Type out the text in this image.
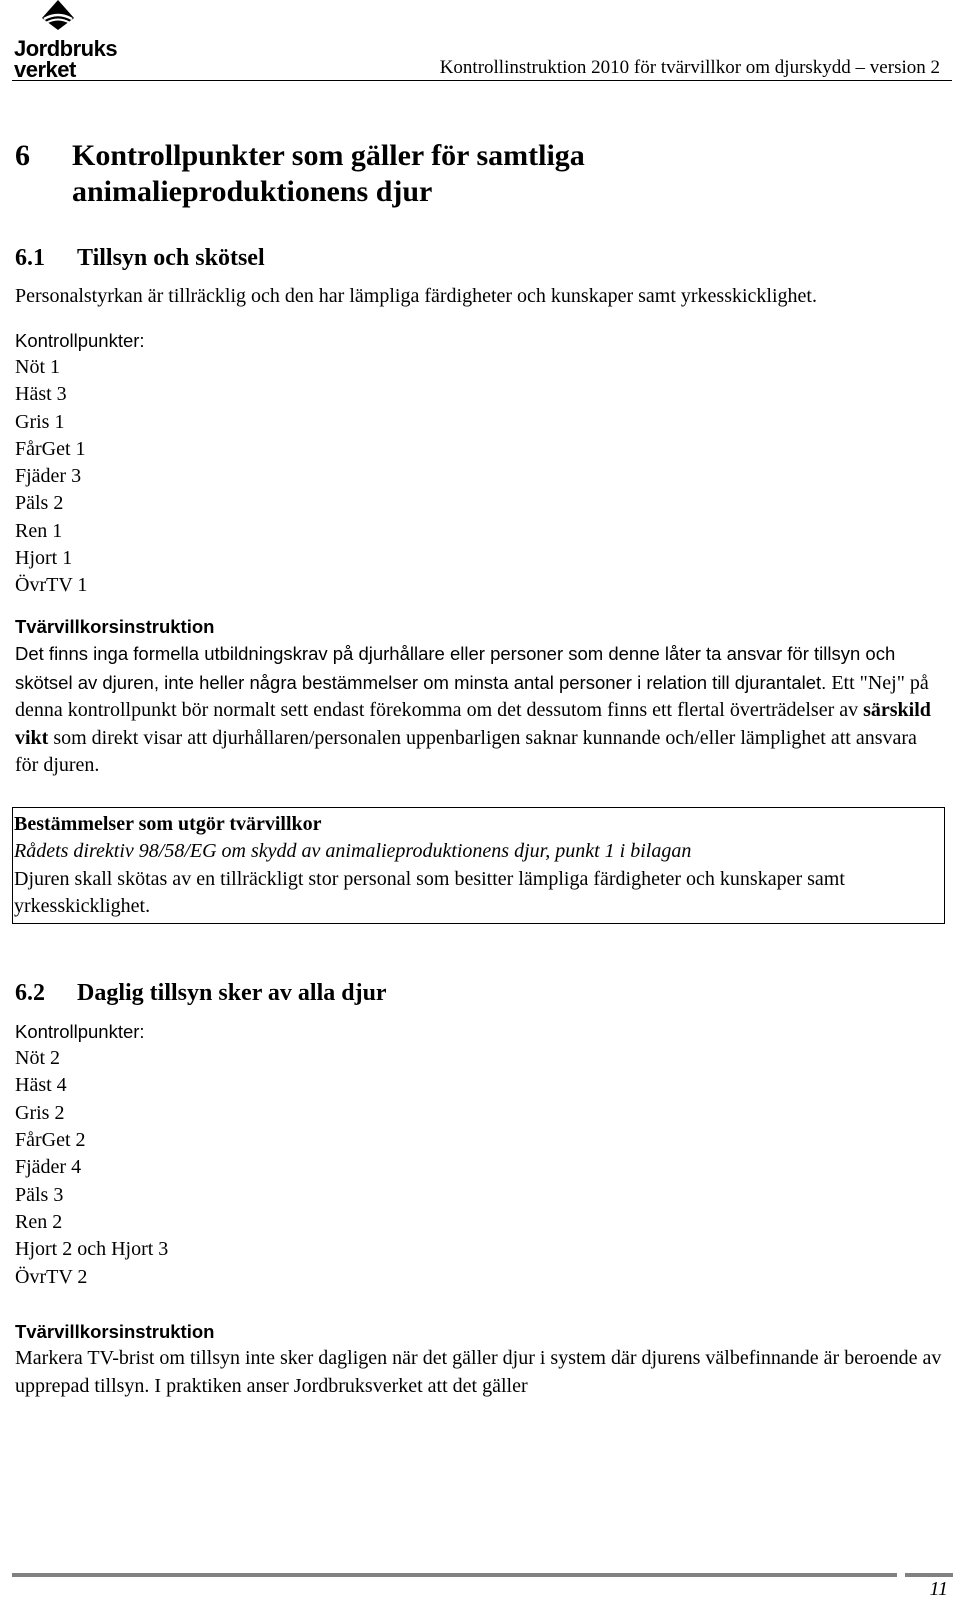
Jordbruks
verket	Kontrollinstruktion 2010 för tvärvillkor om djurskydd – version 2
6	Kontrollpunkter som gäller för samtliga
animalieproduktionens djur
6.1	Tillsyn och skötsel

Personalstyrkan är tillräcklig och den har lämpliga färdigheter och kunskaper samt yrkesskicklighet.

Kontrollpunkter:
Nöt 1
Häst 3
Gris 1
FårGet 1
Fjäder 3
Päls 2
Ren 1
Hjort 1
ÖvrTV 1
Tvärvillkorsinstruktion

Det finns inga formella utbildningskrav på djurhållare eller personer som denne låter ta ansvar för tillsyn och skötsel av djuren, inte heller några bestämmelser om minsta antal personer i relation till djurantalet. Ett "Nej" på denna kontrollpunkt bör normalt sett endast förekomma om det dessutom finns ett flertal överträdelser av särskild vikt som direkt visar att djurhållaren/personalen uppenbarligen saknar kunnande och/eller lämplighet att ansvara för djuren.

Bestämmelser som utgör tvärvillkor
Rådets direktiv 98/58/EG om skydd av animalieproduktionens djur, punkt 1 i bilagan
Djuren skall skötas av en tillräckligt stor personal som besitter lämpliga färdigheter och kunskaper samt yrkesskicklighet.
6.2	Daglig tillsyn sker av alla djur
Kontrollpunkter:
Nöt 2
Häst 4
Gris 2
FårGet 2
Fjäder 4
Päls 3
Ren 2
Hjort 2 och Hjort 3
ÖvrTV 2
Tvärvillkorsinstruktion

Markera TV-brist om tillsyn inte sker dagligen när det gäller djur i system där djurens välbefinnande är beroende av upprepad tillsyn. I praktiken anser Jordbruksverket att det gäller

11
